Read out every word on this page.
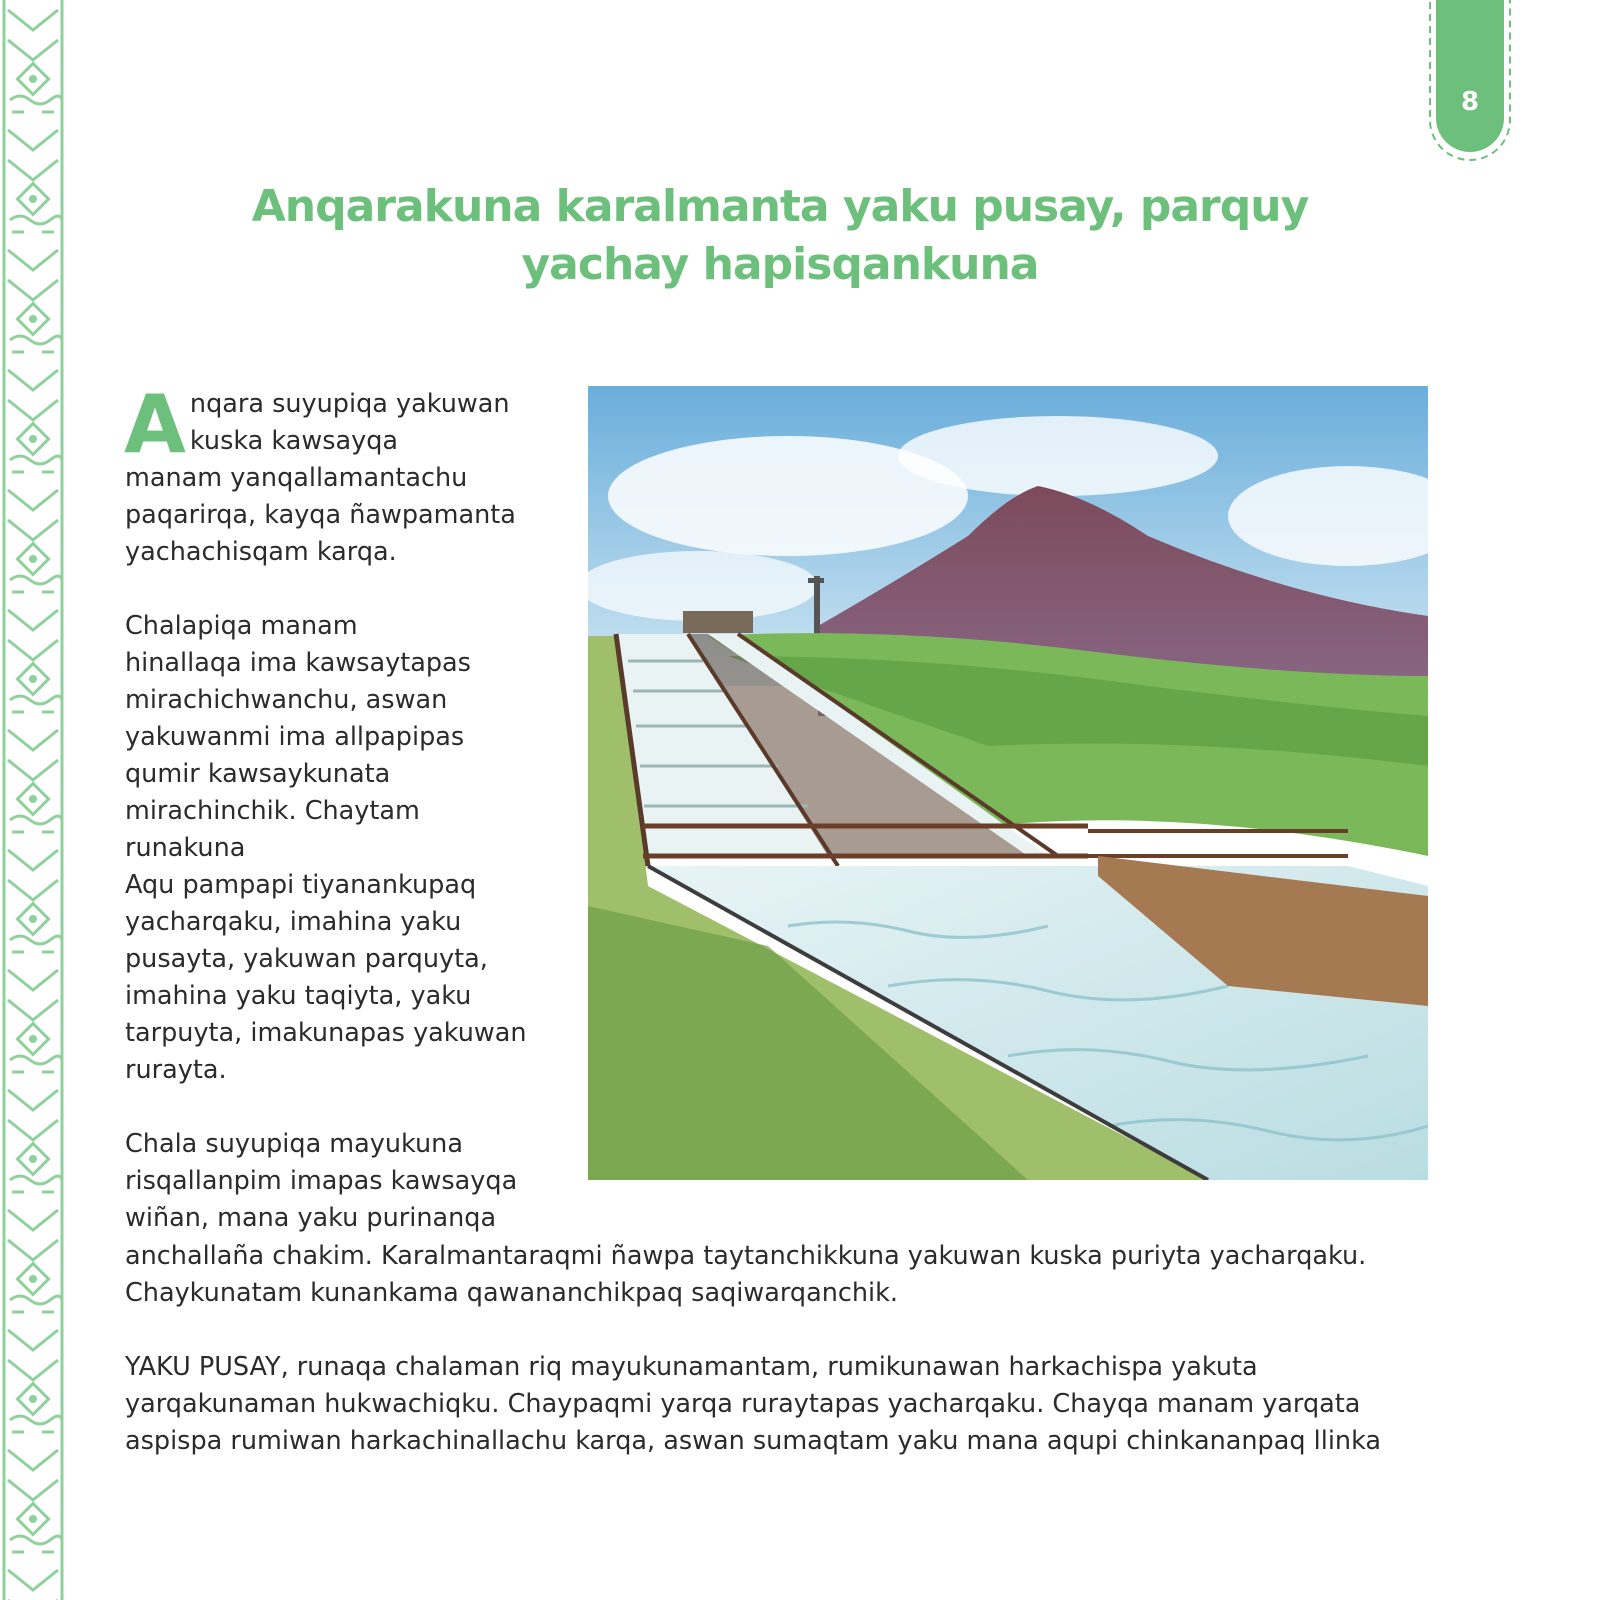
8
Anqarakuna karalmanta yaku pusay, parquy
yachay hapisqankuna
A nqara suyupiqa yakuwan
kuska kawsayqa
manam yanqallamantachu
paqarirqa, kayqa ñawpamanta
yachachisqam karqa.
Chalapiqa manam
hinallaqa ima kawsaytapas
mirachichwanchu, aswan
yakuwanmi ima allpapipas
qumir kawsaykunata
mirachinchik. Chaytam
runakuna
Aqu pampapi tiyanankupaq
yacharqaku, imahina yaku
pusayta, yakuwan parquyta,
imahina yaku taqiyta, yaku
tarpuyta, imakunapas yakuwan
rurayta.
Chala suyupiqa mayukuna
risqallanpim imapas kawsayqa
wiñan, mana yaku purinanqa
anchallaña chakim. Karalmantaraqmi ñawpa taytanchikkuna yakuwan kuska puriyta yacharqaku.
Chaykunatam kunankama qawananchikpaq saqiwarqanchik.
YAKU PUSAY, runaqa chalaman riq mayukunamantam, rumikunawan harkachispa yakuta
yarqakunaman hukwachiqku. Chaypaqmi yarqa ruraytapas yacharqaku. Chayqa manam yarqata
aspispa rumiwan harkachinallachu karqa, aswan sumaqtam yaku mana aqupi chinkananpaq llinka
